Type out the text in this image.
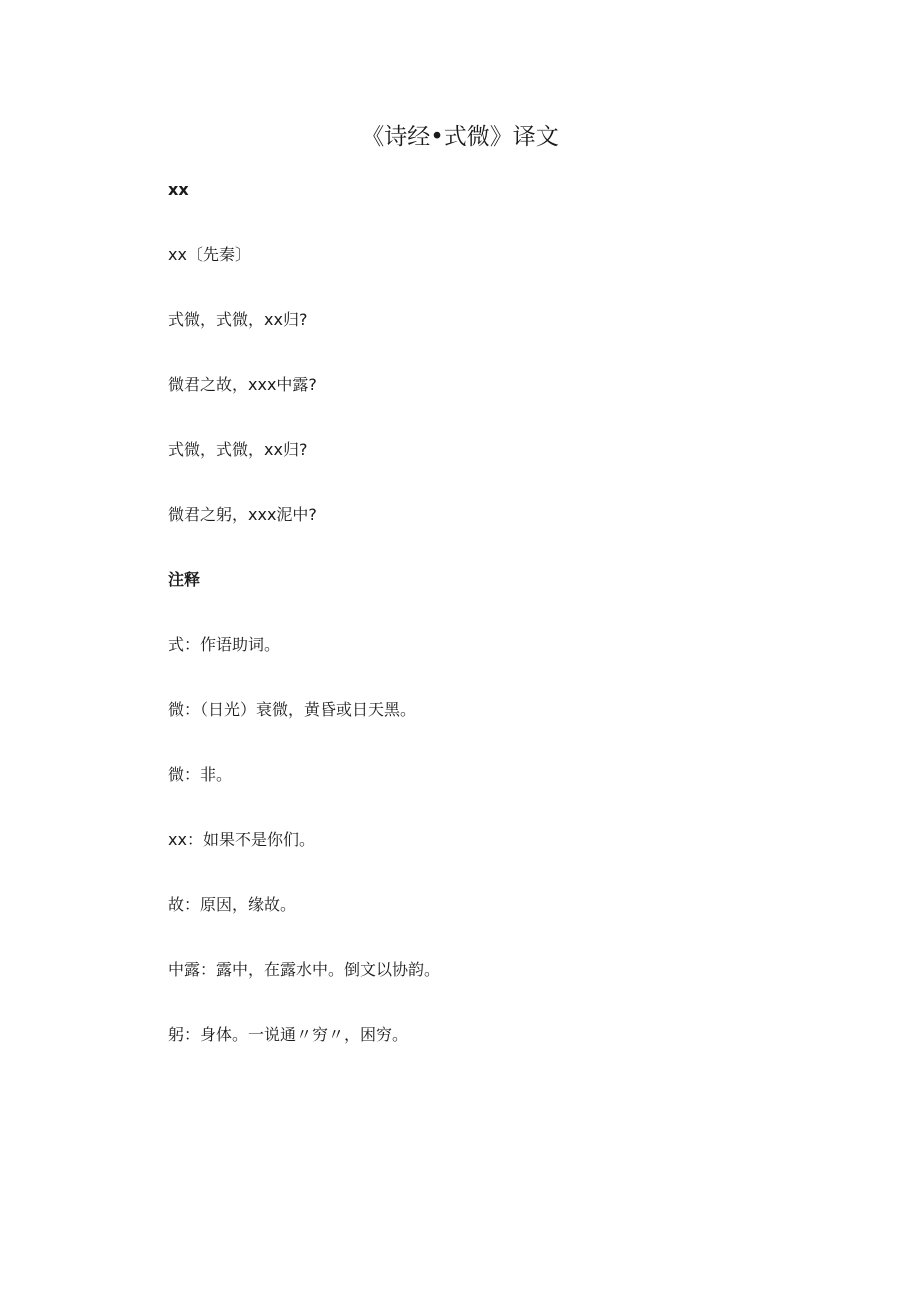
《诗经•式微》译文
xx
xx〔先秦〕
式微，式微，xx归?
微君之故，xxx中露?
式微，式微，xx归?
微君之躬，xxx泥中?
注释
式：作语助词。
微：（日光）衰微，黄昏或日天黑。
微：非。
xx：如果不是你们。
故：原因，缘故。
中露：露中，在露水中。倒文以协韵。
躬：身体。一说通〃穷〃，困穷。
